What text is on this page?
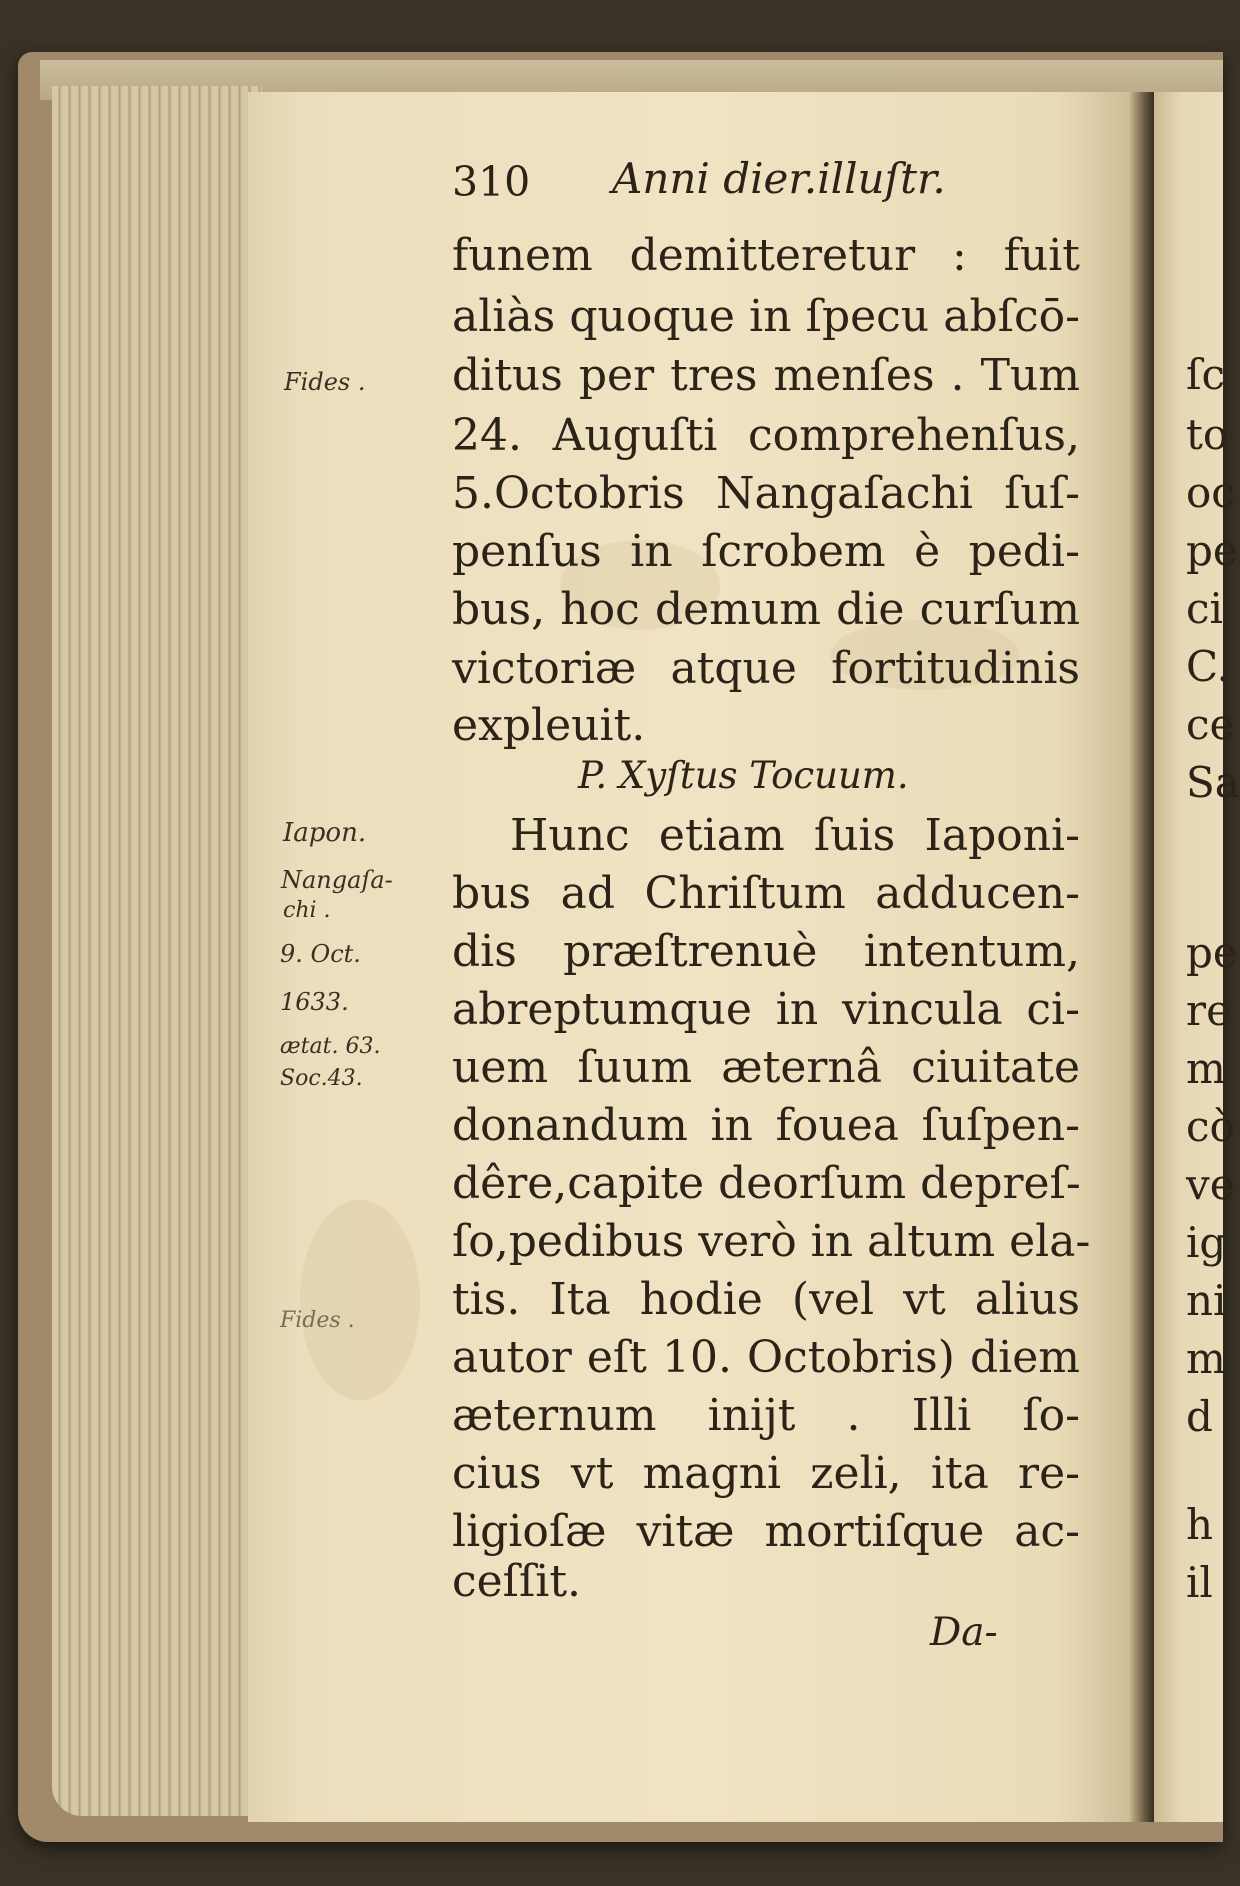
310 Anni dier.illuſtr.
funem demitteretur : fuit
aliàs quoque in ſpecu abſcō-
ditus per tres menſes . Tum
24. Auguſti comprehenſus,
5.Octobris Nangaſachi ſuſ-
penſus in ſcrobem è pedi-
bus, hoc demum die curſum
victoriæ atque fortitudinis
expleuit.
P. Xyſtus Tocuum.
Hunc etiam ſuis Iaponi-
bus ad Chriſtum adducen-
dis præſtrenuè intentum,
abreptumque in vincula ci-
uem ſuum æternâ ciuitate
donandum in fouea ſuſpen-
dêre,capite deorſum depreſ-
ſo,pedibus verò in altum ela-
tis. Ita hodie (vel vt alius
autor eſt 10. Octobris) diem
æternum inijt . Illi ſo-
cius vt magni zeli, ita re-
ligioſæ vitæ mortiſque ac-
ceſſit.
Da-
Fides .
Iapon.
Nangaſa-
chi .
9. Oct.
1633.
ætat. 63.
Soc.43.
Fides .
ſc
to
oc
pe
ci
C.
ce
Sa
pe
re
m
cò
ve
ig
ni
m
d
h
il
